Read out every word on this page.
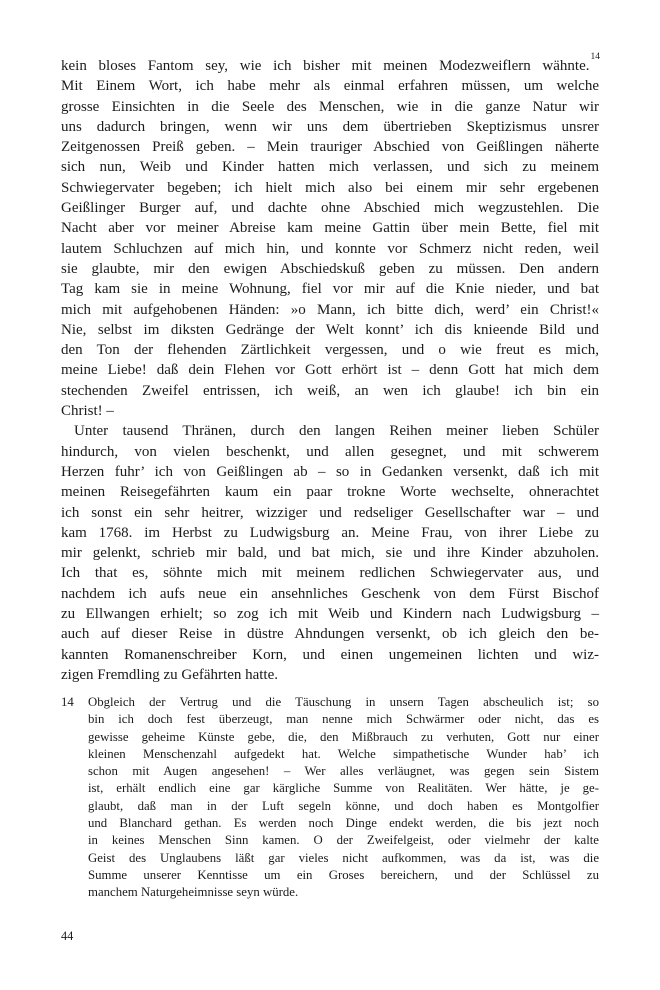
kein bloses Fantom sey, wie ich bisher mit meinen Modezweiflern wähnte.$^{14}$
Mit Einem Wort, ich habe mehr als einmal erfahren müssen, um welche
grosse Einsichten in die Seele des Menschen, wie in die ganze Natur wir
uns dadurch bringen, wenn wir uns dem übertrieben Skeptizismus unsrer
Zeitgenossen Preiß geben. – Mein trauriger Abschied von Geißlingen näherte
sich nun, Weib und Kinder hatten mich verlassen, und sich zu meinem
Schwiegervater begeben; ich hielt mich also bei einem mir sehr ergebenen
Geißlinger Burger auf, und dachte ohne Abschied mich wegzustehlen. Die
Nacht aber vor meiner Abreise kam meine Gattin über mein Bette, fiel mit
lautem Schluchzen auf mich hin, und konnte vor Schmerz nicht reden, weil
sie glaubte, mir den ewigen Abschiedskuß geben zu müssen. Den andern
Tag kam sie in meine Wohnung, fiel vor mir auf die Knie nieder, und bat
mich mit aufgehobenen Händen: »o Mann, ich bitte dich, werd’ ein Christ!«
Nie, selbst im diksten Gedränge der Welt konnt’ ich dis knieende Bild und
den Ton der flehenden Zärtlichkeit vergessen, und o wie freut es mich,
meine Liebe! daß dein Flehen vor Gott erhört ist – denn Gott hat mich dem
stechenden Zweifel entrissen, ich weiß, an wen ich glaube! ich bin ein
Christ! –
Unter tausend Thränen, durch den langen Reihen meiner lieben Schüler
hindurch, von vielen beschenkt, und allen gesegnet, und mit schwerem
Herzen fuhr’ ich von Geißlingen ab – so in Gedanken versenkt, daß ich mit
meinen Reisegefährten kaum ein paar trokne Worte wechselte, ohnerachtet
ich sonst ein sehr heitrer, wizziger und redseliger Gesellschafter war – und
kam 1768. im Herbst zu Ludwigsburg an. Meine Frau, von ihrer Liebe zu
mir gelenkt, schrieb mir bald, und bat mich, sie und ihre Kinder abzuholen.
Ich that es, söhnte mich mit meinem redlichen Schwiegervater aus, und
nachdem ich aufs neue ein ansehnliches Geschenk von dem Fürst Bischof
zu Ellwangen erhielt; so zog ich mit Weib und Kindern nach Ludwigsburg –
auch auf dieser Reise in düstre Ahndungen versenkt, ob ich gleich den be-
kannten Romanenschreiber Korn, und einen ungemeinen lichten und wiz-
zigen Fremdling zu Gefährten hatte.
14	Obgleich der Vertrug und die Täuschung in unsern Tagen abscheulich ist; so
bin ich doch fest überzeugt, man nenne mich Schwärmer oder nicht, das es
gewisse geheime Künste gebe, die, den Mißbrauch zu verhuten, Gott nur einer
kleinen Menschenzahl aufgedekt hat. Welche simpathetische Wunder hab’ ich
schon mit Augen angesehen! – Wer alles verläugnet, was gegen sein Sistem
ist, erhält endlich eine gar kärgliche Summe von Realitäten. Wer hätte, je ge-
glaubt, daß man in der Luft segeln könne, und doch haben es Montgolfier
und Blanchard gethan. Es werden noch Dinge endekt werden, die bis jezt noch
in keines Menschen Sinn kamen. O der Zweifelgeist, oder vielmehr der kalte
Geist des Unglaubens läßt gar vieles nicht aufkommen, was da ist, was die
Summe unserer Kenntisse um ein Groses bereichern, und der Schlüssel zu
manchem Naturgeheimnisse seyn würde.
44
